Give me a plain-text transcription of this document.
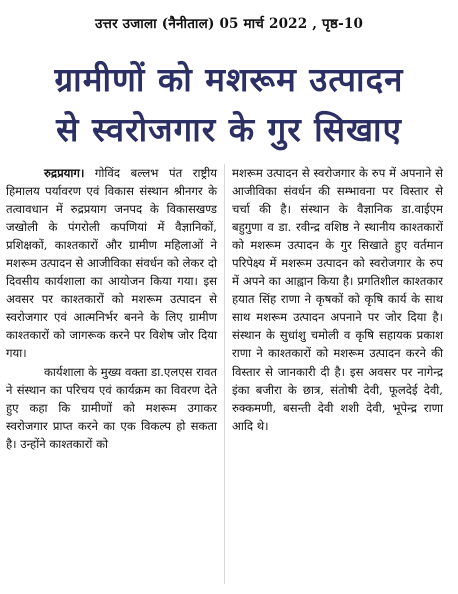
उत्तर उजाला (नैनीताल) 05 मार्च 2022 , पृष्ठ-10
ग्रामीणों को मशरूम उत्पादन
से स्वरोजगार के गुर सिखाए

रुद्रप्रयाग। गोविंद बल्लभ पंत राष्ट्रीय हिमालय पर्यावरण एवं विकास संस्थान श्रीनगर के तत्वावधान में रुद्रप्रयाग जनपद के विकासखण्ड जखोली के पंगरोली कपणियां में वैज्ञानिकों, प्रशिक्षकों, काश्तकारों और ग्रामीण महिलाओं ने मशरूम उत्पादन से आजीविका संवर्धन को लेकर दो दिवसीय कार्यशाला का आयोजन किया गया। इस अवसर पर काश्तकारों को मशरूम उत्पादन से स्वरोजगार एवं आत्मनिर्भर बनने के लिए ग्रामीण काश्तकारों को जागरूक करने पर विशेष जोर दिया गया।

कार्यशाला के मुख्य वक्ता डा.एलएस रावत ने संस्थान का परिचय एवं कार्यक्रम का विवरण देते हुए कहा कि ग्रामीणों को मशरूम उगाकर स्वरोजगार प्राप्त करने का एक विकल्प हो सकता है। उन्होंने काश्तकारों को

मशरूम उत्पादन से स्वरोजगार के रुप में अपनाने से आजीविका संवर्धन की सम्भावना पर विस्तार से चर्चा की है। संस्थान के वैज्ञानिक डा.वाईएम बहुगुणा व डा. रवीन्द्र वशिष्ठ ने स्थानीय काश्तकारों को मशरूम उत्पादन के गुर सिखाते हुए वर्तमान परिपेक्ष्य में मशरूम उत्पादन को स्वरोजगार के रुप में अपने का आह्वान किया है। प्रगतिशील काश्तकार हयात सिंह राणा ने कृषकों को कृषि कार्य के साथ साथ मशरूम उत्पादन अपनाने पर जोर दिया है। संस्थान के सुधांशु चमोली व कृषि सहायक प्रकाश राणा ने काश्तकारों को मशरूम उत्पादन करने की विस्तार से जानकारी दी है। इस अवसर पर नागेन्द्र इंका बजीरा के छात्र, संतोषी देवी, फूलदेई देवी, रुक्कमणी, बसन्ती देवी शशी देवी, भूपेन्द्र राणा आदि थे।
